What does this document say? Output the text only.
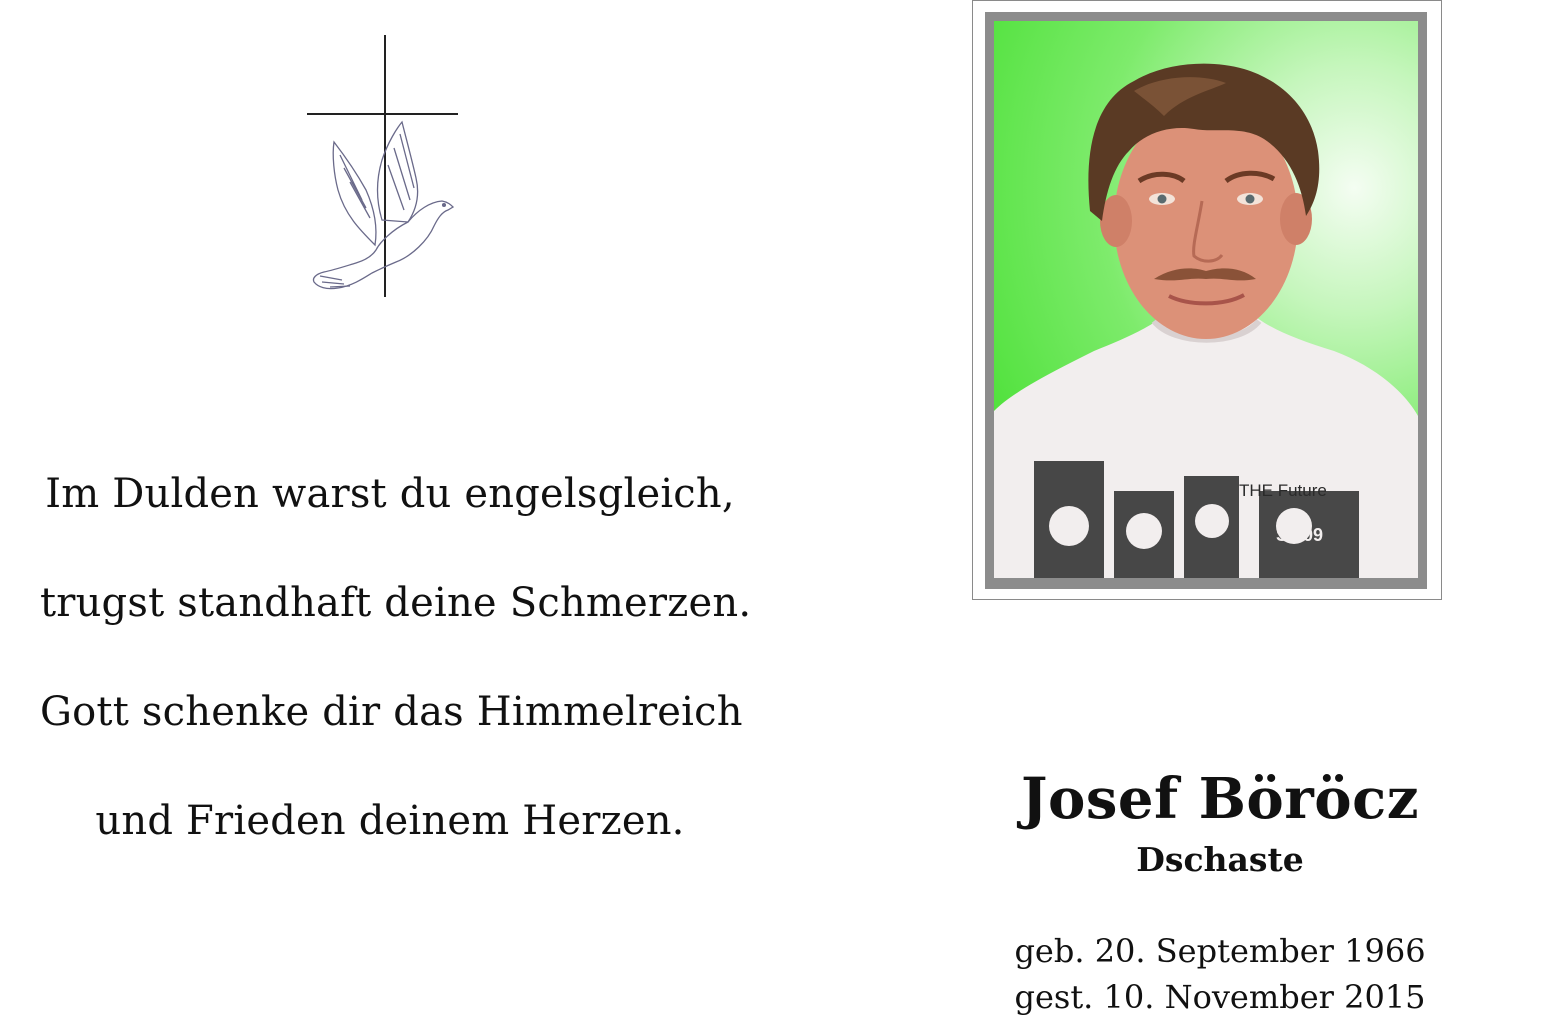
Im Dulden warst du engelsgleich,
trugst standhaft deine Schmerzen.
Gott schenke dir das Himmelreich
und Frieden deinem Herzen.
THE Future
SM09
Josef Böröcz
Dschaste
geb. 20. September 1966
gest. 10. November 2015
